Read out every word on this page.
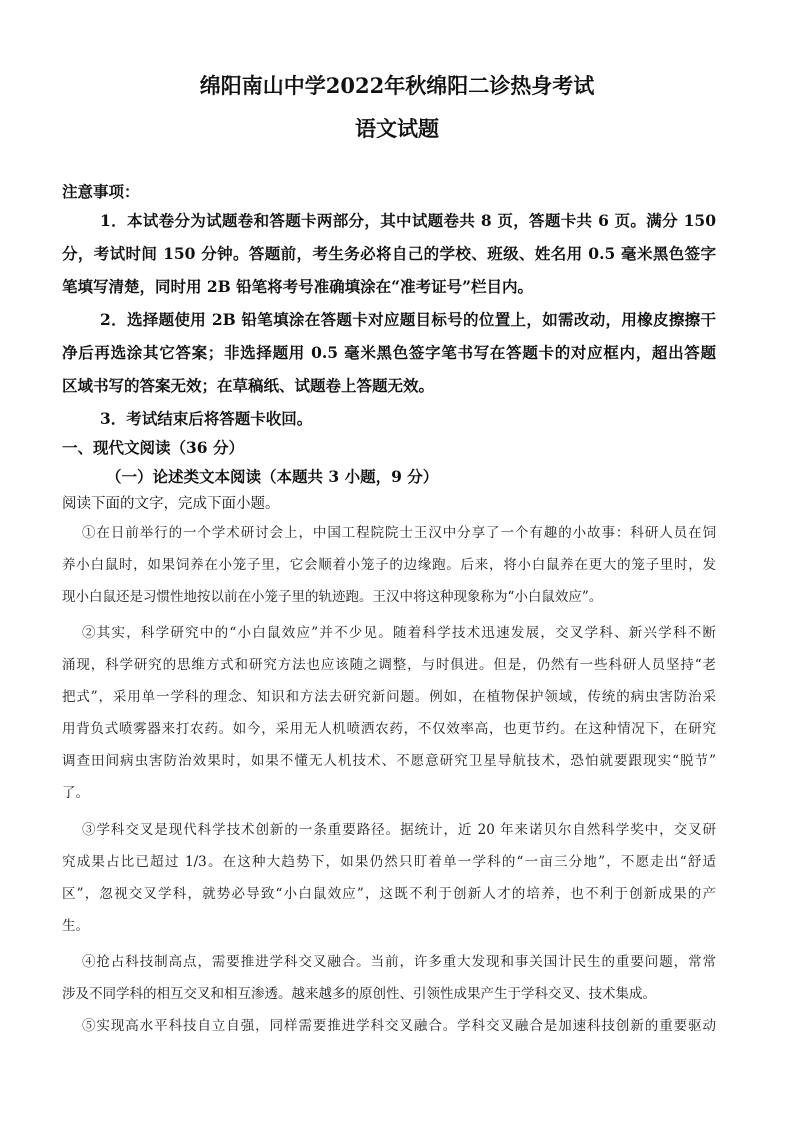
绵阳南山中学2022年秋绵阳二诊热身考试
语文试题
注意事项：
1．本试卷分为试题卷和答题卡两部分，其中试题卷共 8 页，答题卡共 6 页。满分 150
分，考试时间 150 分钟。答题前，考生务必将自己的学校、班级、姓名用 0.5 毫米黑色签字
笔填写清楚，同时用 2B 铅笔将考号准确填涂在“准考证号”栏目内。
2．选择题使用 2B 铅笔填涂在答题卡对应题目标号的位置上，如需改动，用橡皮擦擦干
净后再选涂其它答案；非选择题用 0.5 毫米黑色签字笔书写在答题卡的对应框内，超出答题
区域书写的答案无效；在草稿纸、试题卷上答题无效。
3．考试结束后将答题卡收回。
一、现代文阅读（36 分）
（一）论述类文本阅读（本题共 3 小题，9 分）
阅读下面的文字，完成下面小题。
①在日前举行的一个学术研讨会上，中国工程院院士王汉中分享了一个有趣的小故事：科研人员在饲
养小白鼠时，如果饲养在小笼子里，它会顺着小笼子的边缘跑。后来，将小白鼠养在更大的笼子里时，发
现小白鼠还是习惯性地按以前在小笼子里的轨迹跑。王汉中将这种现象称为“小白鼠效应”。
②其实，科学研究中的“小白鼠效应”并不少见。随着科学技术迅速发展，交叉学科、新兴学科不断
涌现，科学研究的思维方式和研究方法也应该随之调整，与时俱进。但是，仍然有一些科研人员坚持“老
把式”，采用单一学科的理念、知识和方法去研究新问题。例如，在植物保护领域，传统的病虫害防治采
用背负式喷雾器来打农药。如今，采用无人机喷洒农药，不仅效率高，也更节约。在这种情况下，在研究
调查田间病虫害防治效果时，如果不懂无人机技术、不愿意研究卫星导航技术，恐怕就要跟现实“脱节”
了。
③学科交叉是现代科学技术创新的一条重要路径。据统计，近 20 年来诺贝尔自然科学奖中，交叉研
究成果占比已超过 1/3。在这种大趋势下，如果仍然只盯着单一学科的“一亩三分地”，不愿走出“舒适
区”，忽视交叉学科，就势必导致“小白鼠效应”，这既不利于创新人才的培养，也不利于创新成果的产
生。
④抢占科技制高点，需要推进学科交叉融合。当前，许多重大发现和事关国计民生的重要问题，常常
涉及不同学科的相互交叉和相互渗透。越来越多的原创性、引领性成果产生于学科交叉、技术集成。
⑤实现高水平科技自立自强，同样需要推进学科交叉融合。学科交叉融合是加速科技创新的重要驱动
